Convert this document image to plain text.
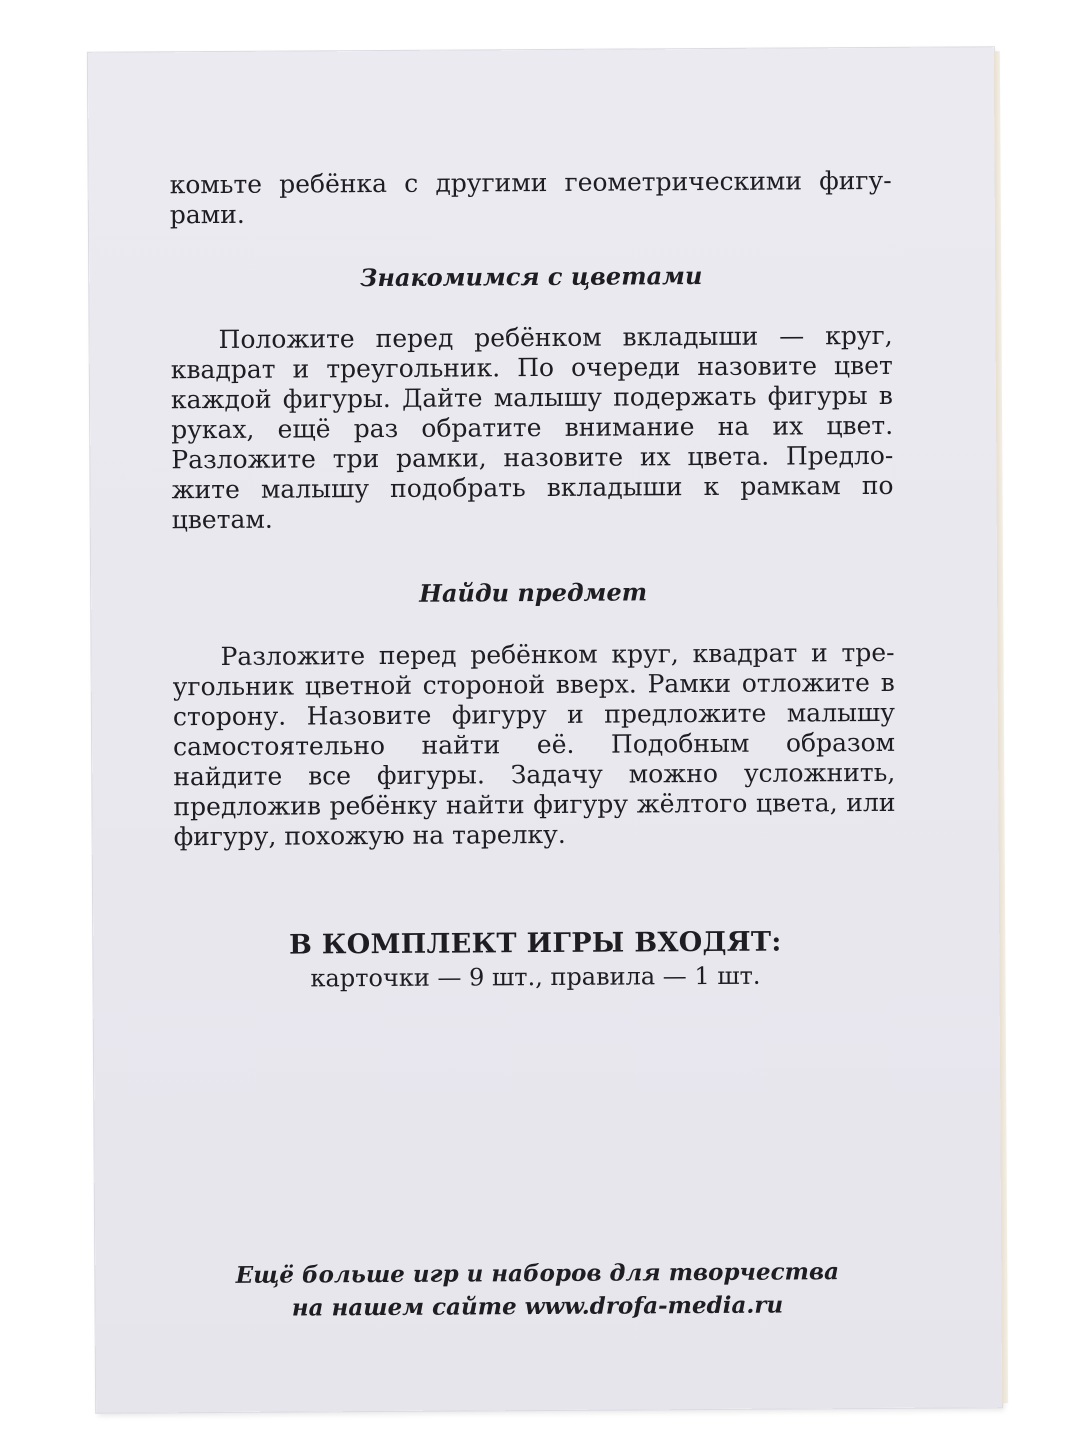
комьте ребёнка с другими геометрическими фигурами.

Знакомимся с цветами

Положите перед ребёнком вкладыши — круг, квадрат и треугольник. По очереди назовите цвет каждой фигуры. Дайте малышу подержать фигуры в руках, ещё раз обратите внимание на их цвет. Разложите три рамки, назовите их цвета. Предложите малышу подобрать вкладыши к рамкам по цветам.

Найди предмет

Разложите перед ребёнком круг, квадрат и треугольник цветной стороной вверх. Рамки отложите в сторону. Назовите фигуру и предложите малышу самостоятельно найти её. Подобным образом найдите все фигуры. Задачу можно усложнить, предложив ребёнку найти фигуру жёлтого цвета, или фигуру, похожую на тарелку.

В КОМПЛЕКТ ИГРЫ ВХОДЯТ:

карточки — 9 шт., правила — 1 шт.

Ещё больше игр и наборов для творчества

на нашем сайте www.drofa-media.ru
